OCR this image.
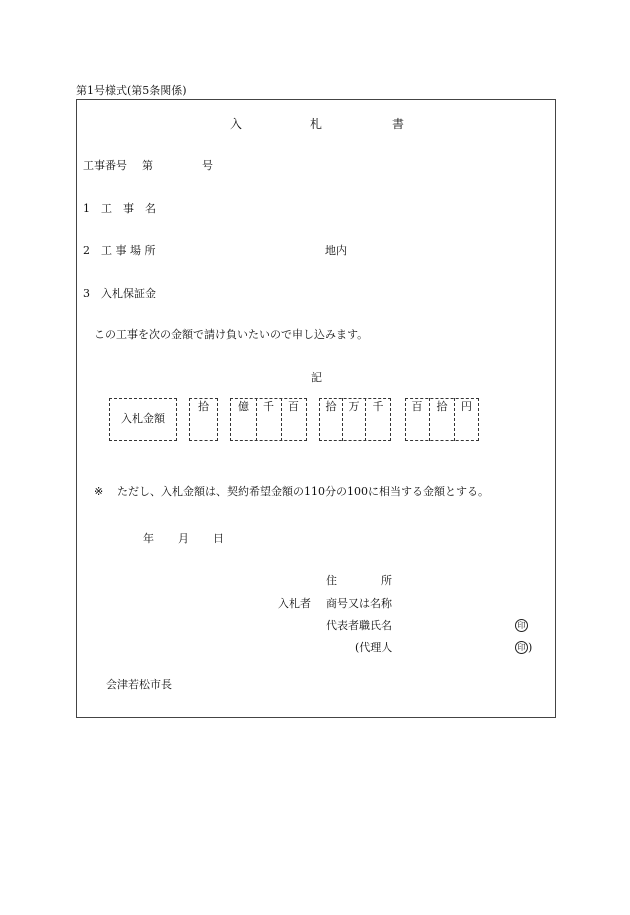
第1号様式(第5条関係)
入	札	書
工事番号 第	号
1 工　事　名
2 工 事 場 所	地内
3 入札保証金
この工事を次の金額で請け負いたいので申し込みます。
記
入札金額
拾	億	千	百	拾	万	千	百	拾	円
※ ただし、入札金額は、契約希望金額の110分の100に相当する金額とする。
年 月 日
住　　　　所
入札者 商号又は名称
代表者職氏名	印
(代理人	印 )
会津若松市長
